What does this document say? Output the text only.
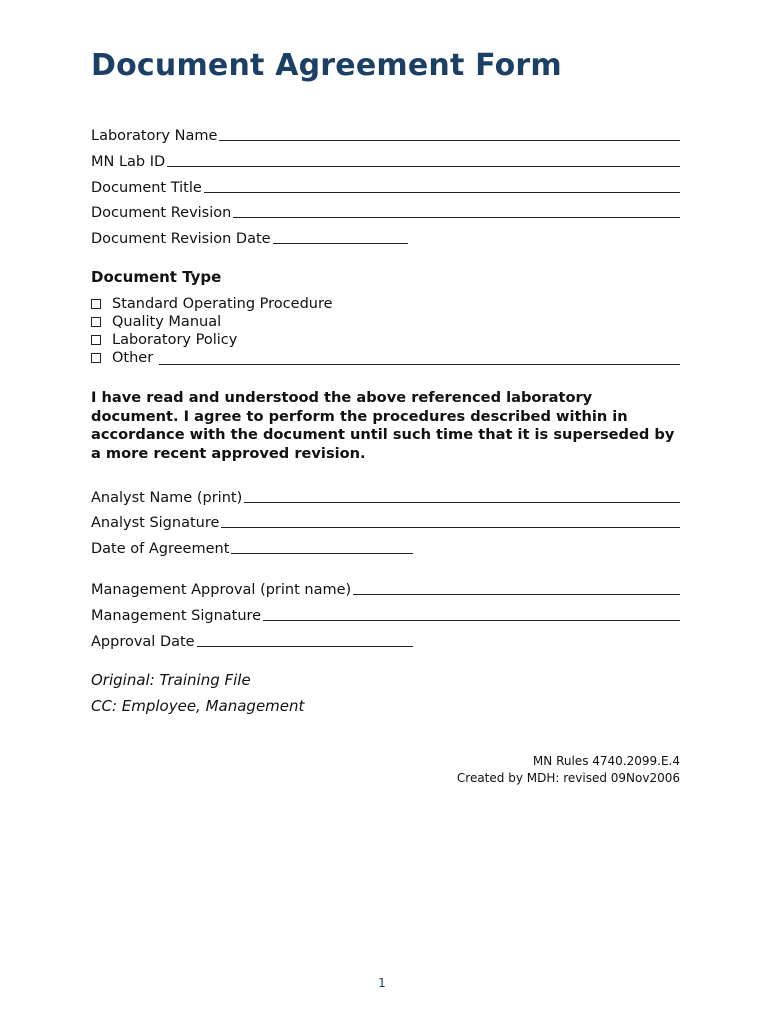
Document Agreement Form
Laboratory Name
MN Lab ID
Document Title
Document Revision
Document Revision Date
Document Type
Standard Operating Procedure
Quality Manual
Laboratory Policy
Other
I have read and understood the above referenced laboratory document. I agree to perform the procedures described within in accordance with the document until such time that it is superseded by a more recent approved revision.
Analyst Name (print)
Analyst Signature
Date of Agreement
Management Approval (print name)
Management Signature
Approval Date
Original: Training File
CC: Employee, Management
MN Rules 4740.2099.E.4
Created by MDH: revised 09Nov2006
1
